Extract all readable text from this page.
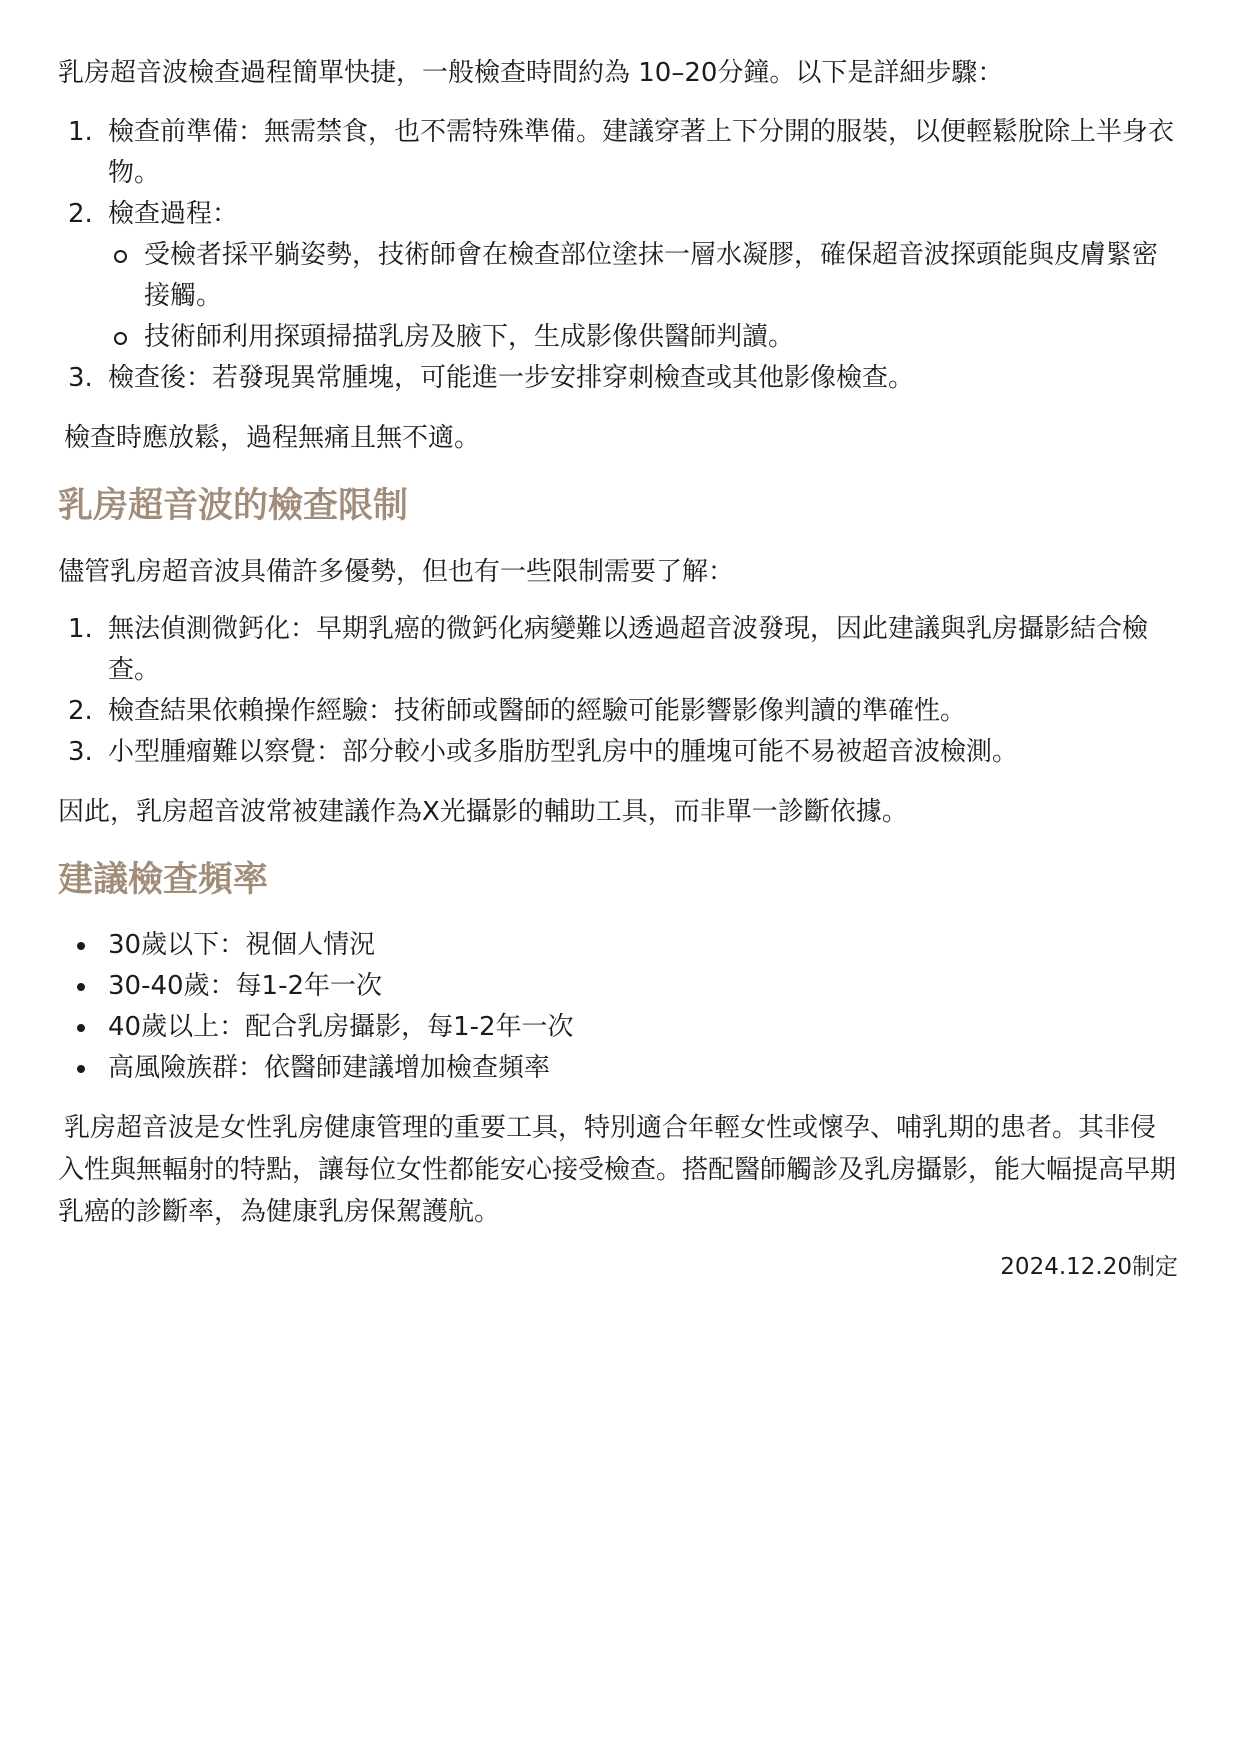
乳房超音波檢查過程簡單快捷，一般檢查時間約為 10–20分鐘。以下是詳細步驟：

1. 檢查前準備：無需禁食，也不需特殊準備。建議穿著上下分開的服裝，以便輕鬆脫除上半身衣物。
2. 檢查過程：
受檢者採平躺姿勢，技術師會在檢查部位塗抹一層水凝膠，確保超音波探頭能與皮膚緊密接觸。
技術師利用探頭掃描乳房及腋下，生成影像供醫師判讀。
3. 檢查後：若發現異常腫塊，可能進一步安排穿刺檢查或其他影像檢查。

檢查時應放鬆，過程無痛且無不適。

乳房超音波的檢查限制

儘管乳房超音波具備許多優勢，但也有一些限制需要了解：

1. 無法偵測微鈣化：早期乳癌的微鈣化病變難以透過超音波發現，因此建議與乳房攝影結合檢查。
2. 檢查結果依賴操作經驗：技術師或醫師的經驗可能影響影像判讀的準確性。
3. 小型腫瘤難以察覺：部分較小或多脂肪型乳房中的腫塊可能不易被超音波檢測。

因此，乳房超音波常被建議作為X光攝影的輔助工具，而非單一診斷依據。

建議檢查頻率
30歲以下：視個人情況
30-40歲：每1-2年一次
40歲以上：配合乳房攝影，每1-2年一次
高風險族群：依醫師建議增加檢查頻率

乳房超音波是女性乳房健康管理的重要工具，特別適合年輕女性或懷孕、哺乳期的患者。其非侵入性與無輻射的特點，讓每位女性都能安心接受檢查。搭配醫師觸診及乳房攝影，能大幅提高早期乳癌的診斷率，為健康乳房保駕護航。

2024.12.20制定
